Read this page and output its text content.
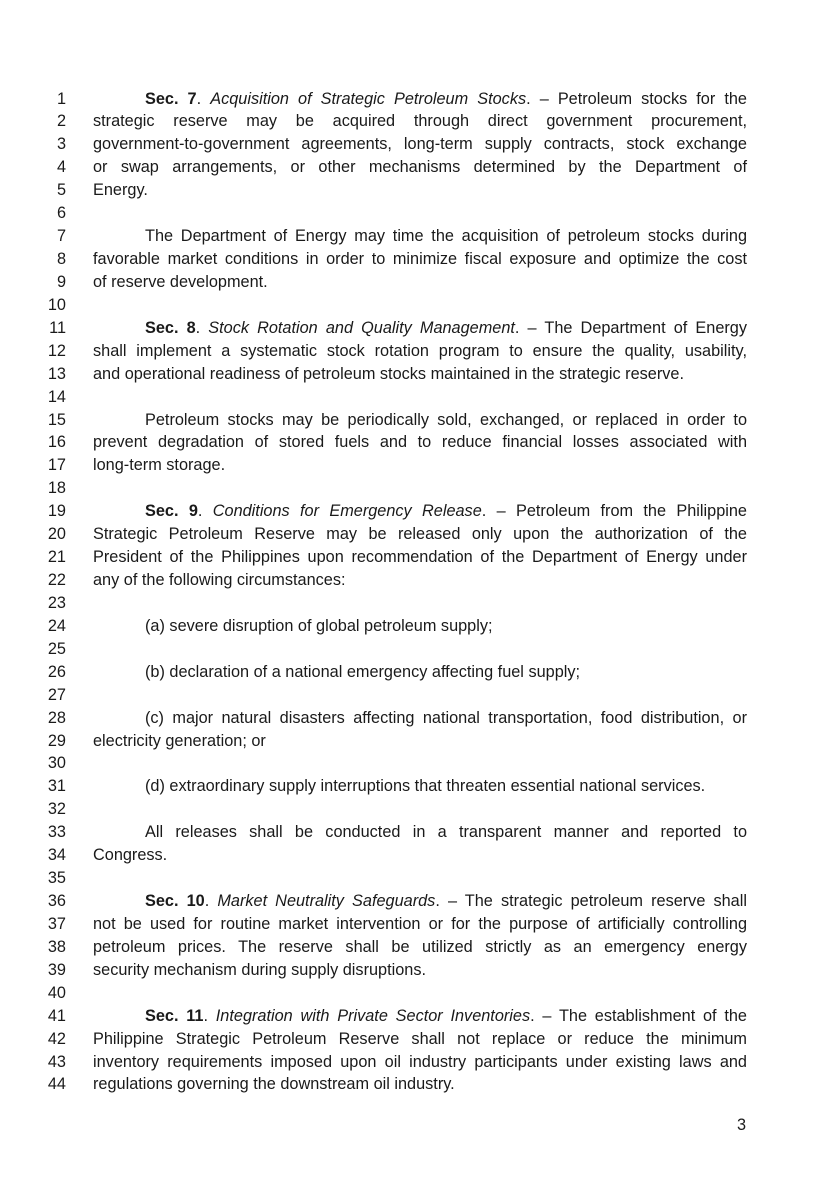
1	Sec. 7. Acquisition of Strategic Petroleum Stocks. – Petroleum stocks for the
2 strategic reserve may be acquired through direct government procurement,
3 government-to-government agreements, long-term supply contracts, stock exchange
4 or swap arrangements, or other mechanisms determined by the Department of
5 Energy.
6
7	The Department of Energy may time the acquisition of petroleum stocks during
8 favorable market conditions in order to minimize fiscal exposure and optimize the cost
9 of reserve development.
10
11	Sec. 8. Stock Rotation and Quality Management. – The Department of Energy
12 shall implement a systematic stock rotation program to ensure the quality, usability,
13 and operational readiness of petroleum stocks maintained in the strategic reserve.
14
15	Petroleum stocks may be periodically sold, exchanged, or replaced in order to
16 prevent degradation of stored fuels and to reduce financial losses associated with
17 long-term storage.
18
19	Sec. 9. Conditions for Emergency Release. – Petroleum from the Philippine
20 Strategic Petroleum Reserve may be released only upon the authorization of the
21 President of the Philippines upon recommendation of the Department of Energy under
22 any of the following circumstances:
23
24	(a) severe disruption of global petroleum supply;
25
26	(b) declaration of a national emergency affecting fuel supply;
27
28	(c) major natural disasters affecting national transportation, food distribution, or
29 electricity generation; or
30
31	(d) extraordinary supply interruptions that threaten essential national services.
32
33	All releases shall be conducted in a transparent manner and reported to
34 Congress.
35
36	Sec. 10. Market Neutrality Safeguards. – The strategic petroleum reserve shall
37 not be used for routine market intervention or for the purpose of artificially controlling
38 petroleum prices. The reserve shall be utilized strictly as an emergency energy
39 security mechanism during supply disruptions.
40
41	Sec. 11. Integration with Private Sector Inventories. – The establishment of the
42 Philippine Strategic Petroleum Reserve shall not replace or reduce the minimum
43 inventory requirements imposed upon oil industry participants under existing laws and
44 regulations governing the downstream oil industry.
3
